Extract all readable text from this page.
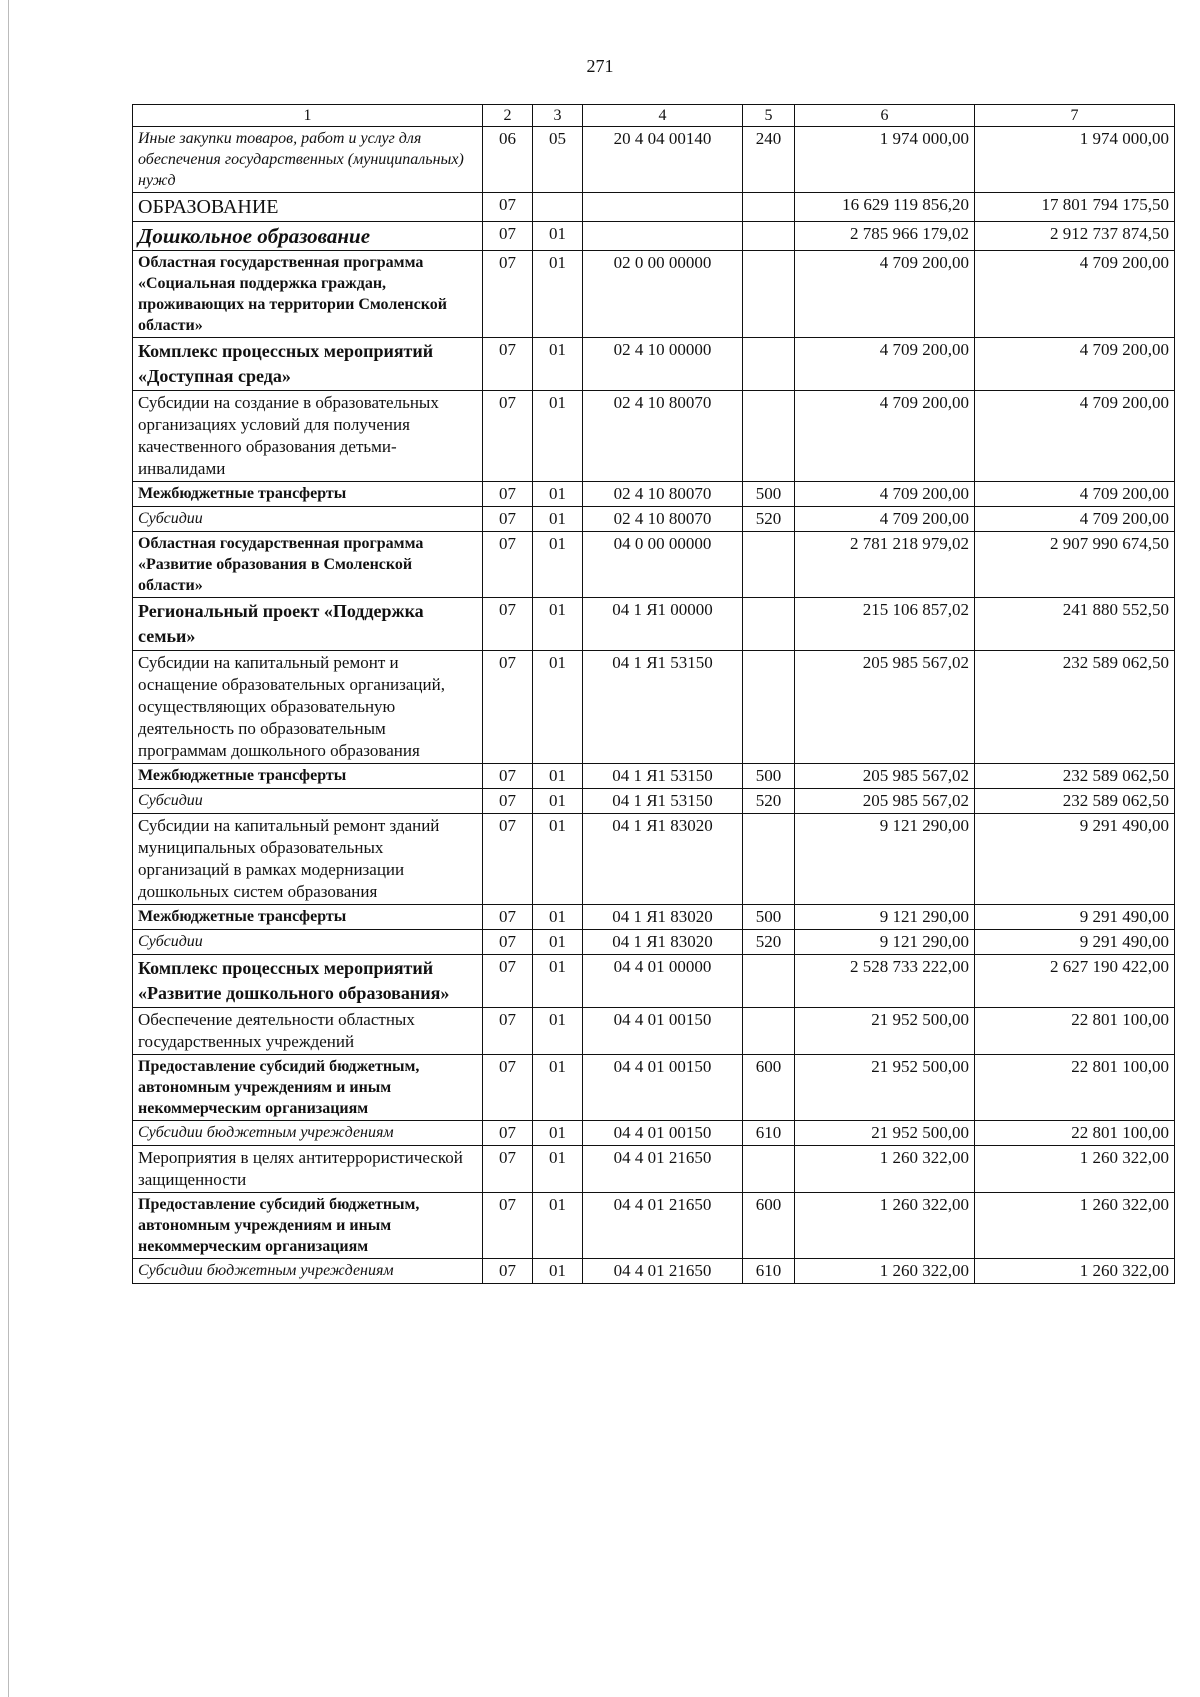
271
1	2	3	4	5	6	7
Иные закупки товаров, работ и услуг для обеспечения государственных (муниципальных) нужд	06	05	20 4 04 00140	240	1 974 000,00	1 974 000,00
ОБРАЗОВАНИЕ	07				16 629 119 856,20	17 801 794 175,50
Дошкольное образование	07	01			2 785 966 179,02	2 912 737 874,50
Областная государственная программа «Социальная поддержка граждан, проживающих на территории Смоленской области»	07	01	02 0 00 00000		4 709 200,00	4 709 200,00
Комплекс процессных мероприятий «Доступная среда»	07	01	02 4 10 00000		4 709 200,00	4 709 200,00
Субсидии на создание в образовательных организациях условий для получения качественного образования детьми-инвалидами	07	01	02 4 10 80070		4 709 200,00	4 709 200,00
Межбюджетные трансферты	07	01	02 4 10 80070	500	4 709 200,00	4 709 200,00
Субсидии	07	01	02 4 10 80070	520	4 709 200,00	4 709 200,00
Областная государственная программа «Развитие образования в Смоленской области»	07	01	04 0 00 00000		2 781 218 979,02	2 907 990 674,50
Региональный проект «Поддержка семьи»	07	01	04 1 Я1 00000		215 106 857,02	241 880 552,50
Субсидии на капитальный ремонт и оснащение образовательных организаций, осуществляющих образовательную деятельность по образовательным программам дошкольного образования	07	01	04 1 Я1 53150		205 985 567,02	232 589 062,50
Межбюджетные трансферты	07	01	04 1 Я1 53150	500	205 985 567,02	232 589 062,50
Субсидии	07	01	04 1 Я1 53150	520	205 985 567,02	232 589 062,50
Субсидии на капитальный ремонт зданий муниципальных образовательных организаций в рамках модернизации дошкольных систем образования	07	01	04 1 Я1 83020		9 121 290,00	9 291 490,00
Межбюджетные трансферты	07	01	04 1 Я1 83020	500	9 121 290,00	9 291 490,00
Субсидии	07	01	04 1 Я1 83020	520	9 121 290,00	9 291 490,00
Комплекс процессных мероприятий «Развитие дошкольного образования»	07	01	04 4 01 00000		2 528 733 222,00	2 627 190 422,00
Обеспечение деятельности областных государственных учреждений	07	01	04 4 01 00150		21 952 500,00	22 801 100,00
Предоставление субсидий бюджетным, автономным учреждениям и иным некоммерческим организациям	07	01	04 4 01 00150	600	21 952 500,00	22 801 100,00
Субсидии бюджетным учреждениям	07	01	04 4 01 00150	610	21 952 500,00	22 801 100,00
Мероприятия в целях антитеррористической защищенности	07	01	04 4 01 21650		1 260 322,00	1 260 322,00
Предоставление субсидий бюджетным, автономным учреждениям и иным некоммерческим организациям	07	01	04 4 01 21650	600	1 260 322,00	1 260 322,00
Субсидии бюджетным учреждениям	07	01	04 4 01 21650	610	1 260 322,00	1 260 322,00
